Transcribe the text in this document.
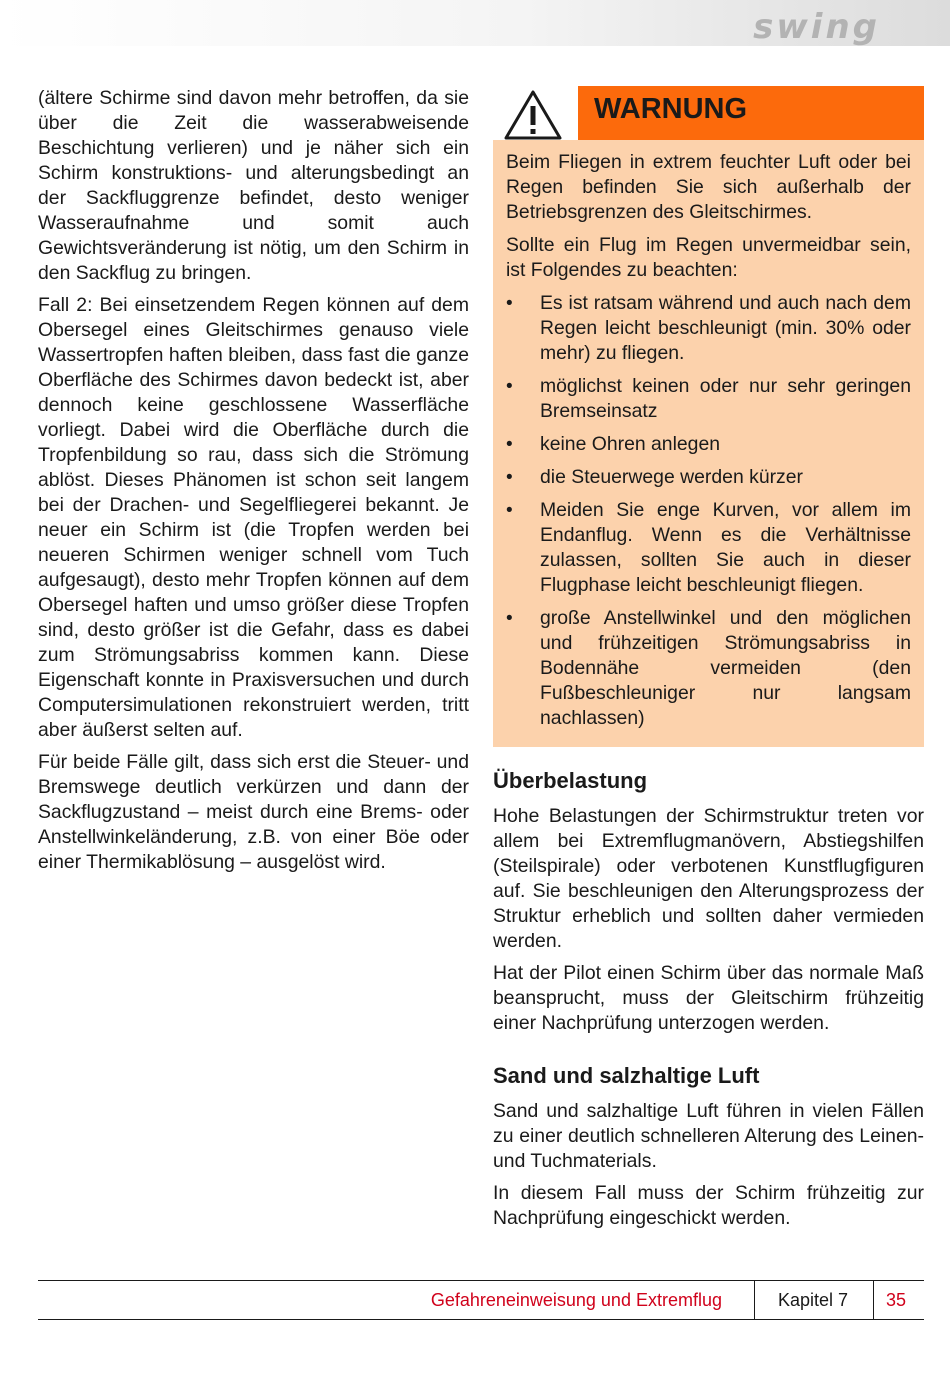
swing

(ältere Schirme sind davon mehr betroffen, da sie über die Zeit die wasserabweisende Beschichtung verlieren) und je näher sich ein Schirm konstruktions- und alterungsbedingt an der Sackfluggrenze befindet, desto weniger Wasseraufnahme und somit auch Gewichtsveränderung ist nötig, um den Schirm in den Sackflug zu bringen.

Fall 2: Bei einsetzendem Regen können auf dem Obersegel eines Gleitschirmes genauso viele Wassertropfen haften bleiben, dass fast die ganze Oberfläche des Schirmes davon bedeckt ist, aber dennoch keine geschlossene Wasserfläche vorliegt. Dabei wird die Oberfläche durch die Tropfenbildung so rau, dass sich die Strömung ablöst. Dieses Phänomen ist schon seit langem bei der Drachen- und Segelfliegerei bekannt. Je neuer ein Schirm ist (die Tropfen werden bei neueren Schirmen weniger schnell vom Tuch aufgesaugt), desto mehr Tropfen können auf dem Obersegel haften und umso größer diese Tropfen sind, desto größer ist die Gefahr, dass es dabei zum Strömungsabriss kommen kann. Diese Eigenschaft konnte in Praxisversuchen und durch Computersimulationen rekonstruiert werden, tritt aber äußerst selten auf.

Für beide Fälle gilt, dass sich erst die Steuer- und Bremswege deutlich verkürzen und dann der Sackflugzustand – meist durch eine Brems- oder Anstellwinkeländerung, z.B. von einer Böe oder einer Thermikablösung – ausgelöst wird.

WARNUNG

Beim Fliegen in extrem feuchter Luft oder bei Regen befinden Sie sich außerhalb der Betriebsgrenzen des Gleitschirmes.

Sollte ein Flug im Regen unvermeidbar sein, ist Folgendes zu beachten:

• Es ist ratsam während und auch nach dem Regen leicht beschleunigt (min. 30% oder mehr) zu fliegen.
• möglichst keinen oder nur sehr geringen Bremseinsatz
• keine Ohren anlegen
• die Steuerwege werden kürzer
• Meiden Sie enge Kurven, vor allem im Endanflug. Wenn es die Verhältnisse zulassen, sollten Sie auch in dieser Flugphase leicht beschleunigt fliegen.
• große Anstellwinkel und den möglichen und frühzeitigen Strömungsabriss in Bodennähe vermeiden (den Fußbeschleuniger nur langsam nachlassen)
Überbelastung

Hohe Belastungen der Schirmstruktur treten vor allem bei Extremflugmanövern, Abstiegshilfen (Steilspirale) oder verbotenen Kunstflugfiguren auf. Sie beschleunigen den Alterungsprozess der Struktur erheblich und sollten daher vermieden werden.

Hat der Pilot einen Schirm über das normale Maß beansprucht, muss der Gleitschirm frühzeitig einer Nachprüfung unterzogen werden.

Sand und salzhaltige Luft

Sand und salzhaltige Luft führen in vielen Fällen zu einer deutlich schnelleren Alterung des Leinen- und Tuchmaterials.

In diesem Fall muss der Schirm frühzeitig zur Nachprüfung eingeschickt werden.

Gefahreneinweisung und Extremflug	Kapitel 7 35
